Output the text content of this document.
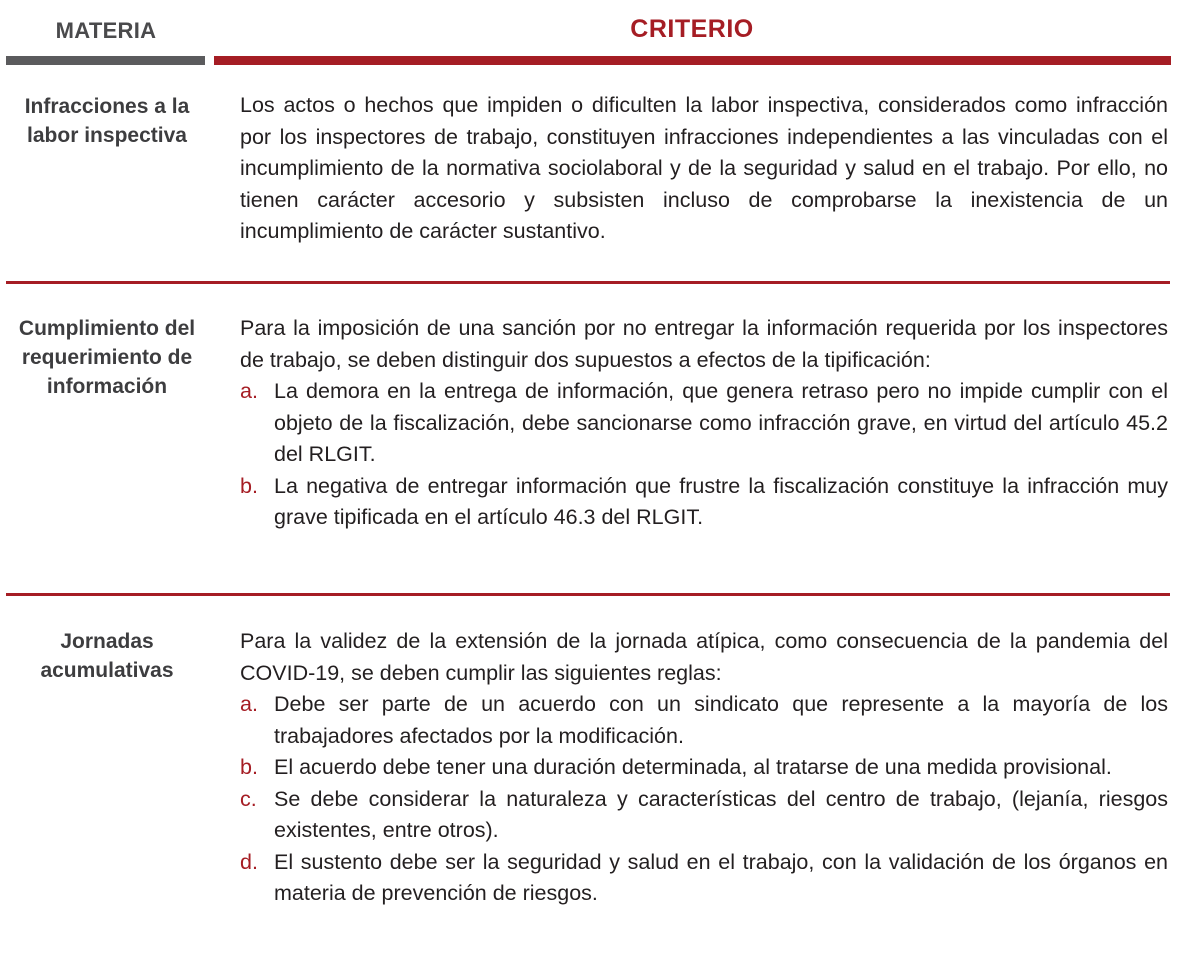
MATERIA	CRITERIO
Infracciones a la labor inspectiva

Los actos o hechos que impiden o dificulten la labor inspectiva, considerados como infracción por los inspectores de trabajo, constituyen infracciones independientes a las vinculadas con el incumplimiento de la normativa sociolaboral y de la seguridad y salud en el trabajo. Por ello, no tienen carácter accesorio y subsisten incluso de comprobarse la inexistencia de un incumplimiento de carácter sustantivo.

Cumplimiento del requerimiento de información

Para la imposición de una sanción por no entregar la información requerida por los inspectores de trabajo, se deben distinguir dos supuestos a efectos de la tipificación:

a. La demora en la entrega de información, que genera retraso pero no impide cumplir con el objeto de la fiscalización, debe sancionarse como infracción grave, en virtud del artículo 45.2 del RLGIT.
b. La negativa de entregar información que frustre la fiscalización constituye la infracción muy grave tipificada en el artículo 46.3 del RLGIT.
Jornadas acumulativas

Para la validez de la extensión de la jornada atípica, como consecuencia de la pandemia del COVID-19, se deben cumplir las siguientes reglas:

a. Debe ser parte de un acuerdo con un sindicato que represente a la mayoría de los trabajadores afectados por la modificación.
b. El acuerdo debe tener una duración determinada, al tratarse de una medida provisional.
c. Se debe considerar la naturaleza y características del centro de trabajo, (lejanía, riesgos existentes, entre otros).
d. El sustento debe ser la seguridad y salud en el trabajo, con la validación de los órganos en materia de prevención de riesgos.
